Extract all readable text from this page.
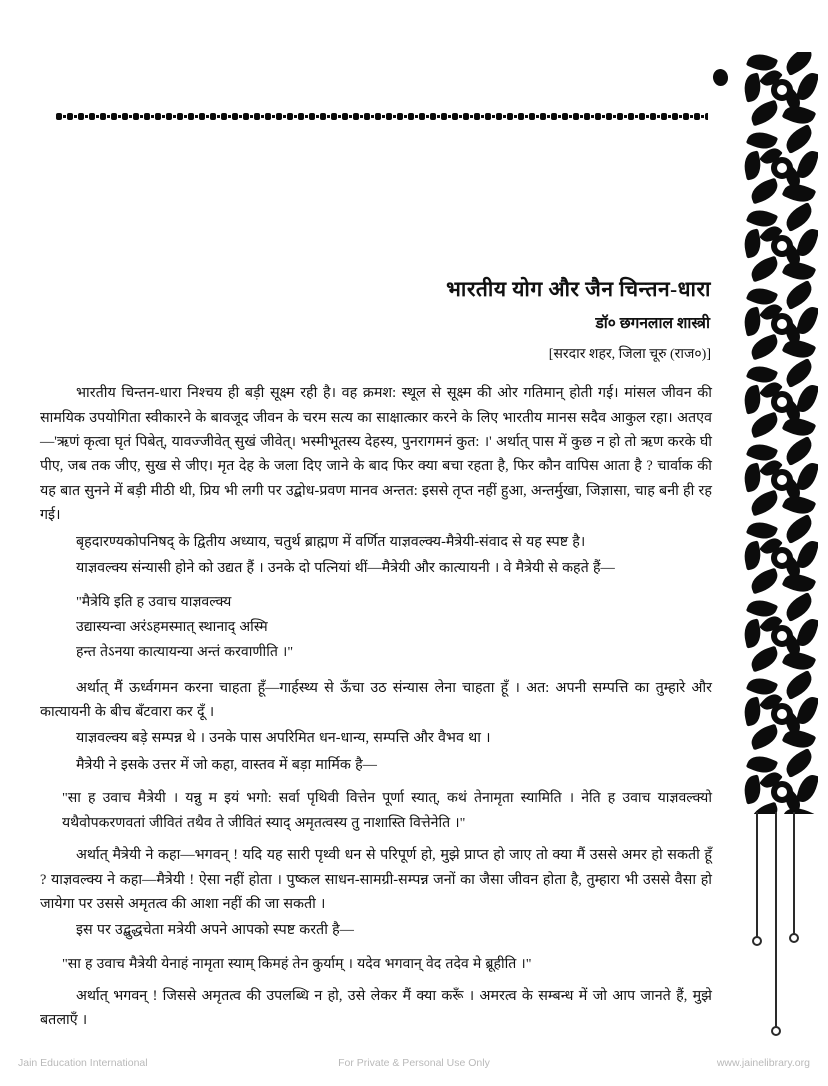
भारतीय योग और जैन चिन्तन-धारा
डॉ० छगनलाल शास्त्री
[सरदार शहर, जिला चूरु (राज०)]

भारतीय चिन्तन-धारा निश्चय ही बड़ी सूक्ष्म रही है। वह क्रमश: स्थूल से सूक्ष्म की ओर गतिमान् होती गई। मांसल जीवन की सामयिक उपयोगिता स्वीकारने के बावजूद जीवन के चरम सत्य का साक्षात्कार करने के लिए भारतीय मानस सदैव आकुल रहा। अतएव—'ऋणं कृत्वा घृतं पिबेत्, यावज्जीवेत् सुखं जीवेत्। भस्मीभूतस्य देहस्य, पुनरागमनं कुत: ।' अर्थात् पास में कुछ न हो तो ऋण करके घी पीए, जब तक जीए, सुख से जीए। मृत देह के जला दिए जाने के बाद फिर क्या बचा रहता है, फिर कौन वापिस आता है ? चार्वाक की यह बात सुनने में बड़ी मीठी थी, प्रिय भी लगी पर उद्बोध-प्रवण मानव अन्तत: इससे तृप्त नहीं हुआ, अन्तर्मुखा, जिज्ञासा, चाह बनी ही रह गई।

बृहदारण्यकोपनिषद् के द्वितीय अध्याय, चतुर्थ ब्राह्मण में वर्णित याज्ञवल्क्य-मैत्रेयी-संवाद से यह स्पष्ट है।

याज्ञवल्क्य संन्यासी होने को उद्यत हैं । उनके दो पत्नियां थीं—मैत्रेयी और कात्यायनी । वे मैत्रेयी से कहते हैं—

"मैत्रेयि इति ह उवाच याज्ञवल्क्य

उद्यास्यन्वा अरंऽहमस्मात् स्थानाद् अस्मि

हन्त तेऽनया कात्यायन्या अन्तं करवाणीति ।"

अर्थात् मैं ऊर्ध्वगमन करना चाहता हूँ—गार्हस्थ्य से ऊँचा उठ संन्यास लेना चाहता हूँ । अत: अपनी सम्पत्ति का तुम्हारे और कात्यायनी के बीच बँटवारा कर दूँ ।

याज्ञवल्क्य बड़े सम्पन्न थे । उनके पास अपरिमित धन-धान्य, सम्पत्ति और वैभव था ।

मैत्रेयी ने इसके उत्तर में जो कहा, वास्तव में बड़ा मार्मिक है—

"सा ह उवाच मैत्रेयी । यन्नु म इयं भगो: सर्वा पृथिवी वित्तेन पूर्णा स्यात्, कथं तेनामृता स्यामिति । नेति ह उवाच याज्ञवल्क्यो यथैवोपकरणवतां जीवितं तथैव ते जीवितं स्याद् अमृतत्वस्य तु नाशास्ति वित्तेनेति ।"

अर्थात् मैत्रेयी ने कहा—भगवन् ! यदि यह सारी पृथ्वी धन से परिपूर्ण हो, मुझे प्राप्त हो जाए तो क्या मैं उससे अमर हो सकती हूँ ? याज्ञवल्क्य ने कहा—मैत्रेयी ! ऐसा नहीं होता । पुष्कल साधन-सामग्री-सम्पन्न जनों का जैसा जीवन होता है, तुम्हारा भी उससे वैसा हो जायेगा पर उससे अमृतत्व की आशा नहीं की जा सकती ।

इस पर उद्बुद्धचेता मत्रेयी अपने आपको स्पष्ट करती है—

"सा ह उवाच मैत्रेयी येनाहं नामृता स्याम् किमहं तेन कुर्याम् । यदेव भगवान् वेद तदेव मे ब्रूहीति ।"

अर्थात् भगवन् ! जिससे अमृतत्व की उपलब्धि न हो, उसे लेकर मैं क्या करूँ । अमरत्व के सम्बन्ध में जो आप जानते हैं, मुझे बतलाएँ ।

Jain Education International	For Private & Personal Use Only	www.jainelibrary.org
